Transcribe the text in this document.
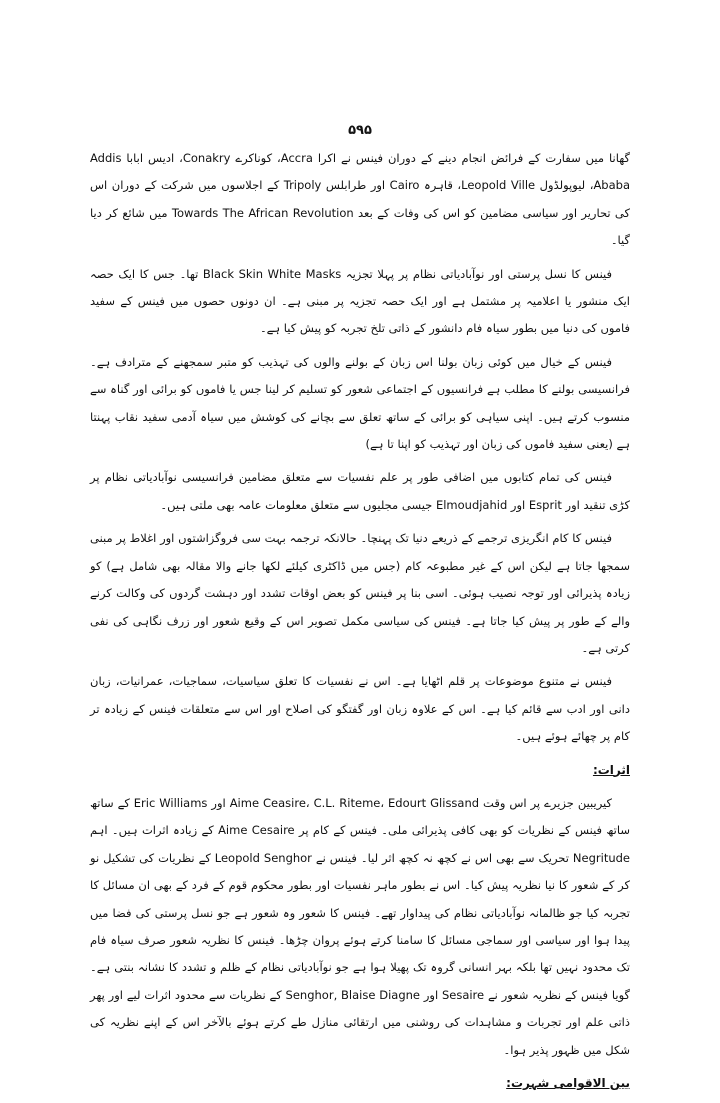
۵۹۵

گھانا میں سفارت کے فرائض انجام دینے کے دوران فینس نے اکرا Accra، کوناکرے Conakry، ادیس ابابا Addis Ababa، لیوپولڈول Leopold Ville، قاہرہ Cairo اور طرابلس Tripoly کے اجلاسوں میں شرکت کے دوران اس کی تحاریر اور سیاسی مضامین کو اس کی وفات کے بعد Towards The African Revolution میں شائع کر دیا گیا۔

فینس کا نسل پرستی اور نوآبادیاتی نظام پر پہلا تجزیہ Black Skin White Masks تھا۔ جس کا ایک حصہ ایک منشور یا اعلامیہ پر مشتمل ہے اور ایک حصہ تجزیہ پر مبنی ہے۔ ان دونوں حصوں میں فینس کے سفید فاموں کی دنیا میں بطور سیاہ فام دانشور کے ذاتی تلخ تجربہ کو پیش کیا ہے۔

فینس کے خیال میں کوئی زبان بولنا اس زبان کے بولنے والوں کی تہذیب کو متبر سمجھنے کے مترادف ہے۔ فرانسیسی بولنے کا مطلب ہے فرانسیوں کے اجتماعی شعور کو تسلیم کر لینا جس یا فاموں کو برائی اور گناہ سے منسوب کرتے ہیں۔ اپنی سیاہی کو برائی کے ساتھ تعلق سے بچانے کی کوشش میں سیاہ آدمی سفید نقاب پہنتا ہے (یعنی سفید فاموں کی زبان اور تہذیب کو اپنا تا ہے)

فینس کی تمام کتابوں میں اضافی طور پر علم نفسیات سے متعلق مضامین فرانسیسی نوآبادیاتی نظام پر کڑی تنقید اور Esprit اور Elmoudjahid جیسی مجلیوں سے متعلق معلومات عامہ بھی ملتی ہیں۔

فینس کا کام انگریزی ترجمے کے ذریعے دنیا تک پہنچا۔ حالانکہ ترجمہ بہت سی فروگزاشتوں اور اغلاط پر مبنی سمجھا جاتا ہے لیکن اس کے غیر مطبوعہ کام (جس میں ڈاکٹری کیلئے لکھا جانے والا مقالہ بھی شامل ہے) کو زیادہ پذیرائی اور توجہ نصیب ہوئی۔ اسی بنا پر فینس کو بعض اوقات تشدد اور دہشت گردوں کی وکالت کرنے والے کے طور پر پیش کیا جاتا ہے۔ فینس کی سیاسی مکمل تصویر اس کے وقیع شعور اور زرف نگاہی کی نفی کرتی ہے۔

فینس نے متنوع موضوعات پر قلم اٹھایا ہے۔ اس نے نفسیات کا تعلق سیاسیات، سماجیات، عمرانیات، زبان دانی اور ادب سے قائم کیا ہے۔ اس کے علاوہ زبان اور گفتگو کی اصلاح اور اس سے متعلقات فینس کے زیادہ تر کام پر چھائے ہوئے ہیں۔

اثرات:

کیریبین جزیرے پر اس وقت Aime Ceasire، C.L. Riteme، Edourt Glissand اور Eric Williams کے ساتھ ساتھ فینس کے نظریات کو بھی کافی پذیرائی ملی۔ فینس کے کام پر Aime Cesaire کے زیادہ اثرات ہیں۔ اہم Negritude تحریک سے بھی اس نے کچھ نہ کچھ اثر لیا۔ فینس نے Leopold Senghor کے نظریات کی تشکیل نو کر کے شعور کا نیا نظریہ پیش کیا۔ اس نے بطور ماہر نفسیات اور بطور محکوم قوم کے فرد کے بھی ان مسائل کا تجربہ کیا جو ظالمانہ نوآبادیاتی نظام کی پیداوار تھے۔ فینس کا شعور وہ شعور ہے جو نسل پرستی کی فضا میں پیدا ہوا اور سیاسی اور سماجی مسائل کا سامنا کرتے ہوئے پروان چڑھا۔ فینس کا نظریہ شعور صرف سیاہ فام تک محدود نہیں تھا بلکہ بہر انسانی گروہ تک پھیلا ہوا ہے جو نوآبادیاتی نظام کے ظلم و تشدد کا نشانہ بنتی ہے۔ گویا فینس کے نظریہ شعور نے Sesaire اور Senghor, Blaise Diagne کے نظریات سے محدود اثرات لیے اور پھر ذاتی علم اور تجربات و مشاہدات کی روشنی میں ارتقائی منازل طے کرتے ہوئے بالآخر اس کے اپنے نظریہ کی شکل میں ظہور پذیر ہوا۔

بین الاقوامی شہرت:
